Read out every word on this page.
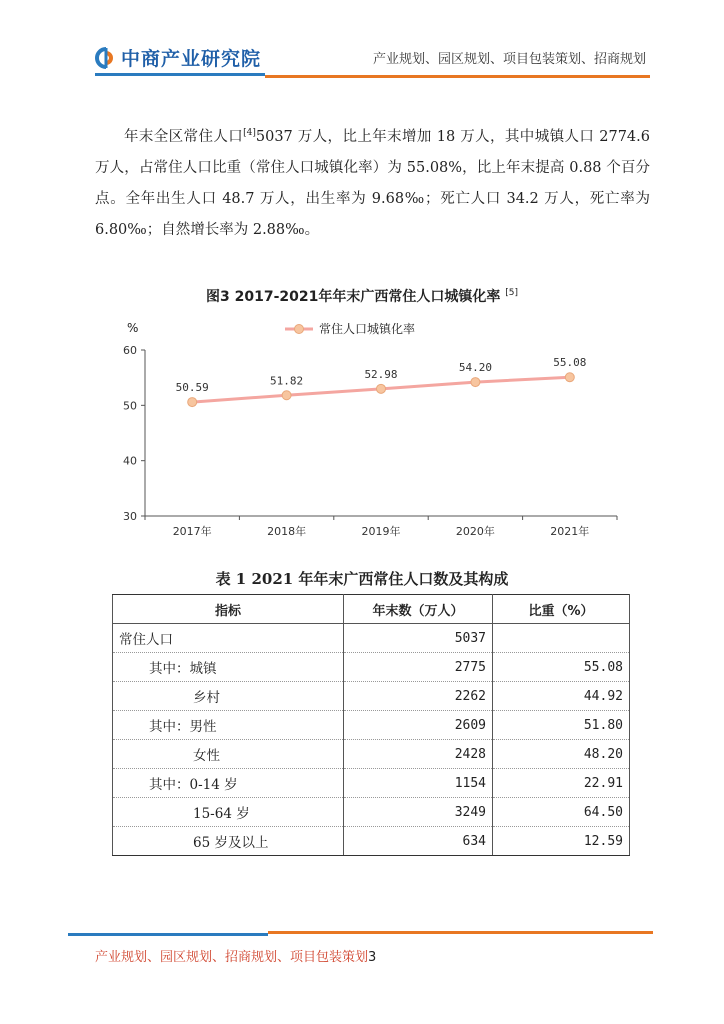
中商产业研究院	产业规划、园区规划、项目包装策划、招商规划

年末全区常住人口[4]5037 万人，比上年末增加 18 万人，其中城镇人口 2774.6 万人，占常住人口比重（常住人口城镇化率）为 55.08%，比上年末提高 0.88 个百分点。全年出生人口 48.7 万人，出生率为 9.68‰；死亡人口 34.2 万人，死亡率为 6.80‰；自然增长率为 2.88‰。

图3 2017-2021年年末广西常住人口城镇化率 [5]
%	常住人口城镇化率
30
40
50
60
2017年	2018年	2019年	2020年	2021年
50.59
51.82	52.98
54.20	55.08
表 1 2021 年年末广西常住人口数及其构成
指标	年末数（万人）	比重（%）
常住人口	5037	
其中：城镇	2775	55.08
乡村	2262	44.92
其中：男性	2609	51.80
女性	2428	48.20
其中：0-14 岁	1154	22.91
15-64 岁	3249	64.50
65 岁及以上	634	12.59
产业规划、园区规划、招商规划、项目包装策划3
